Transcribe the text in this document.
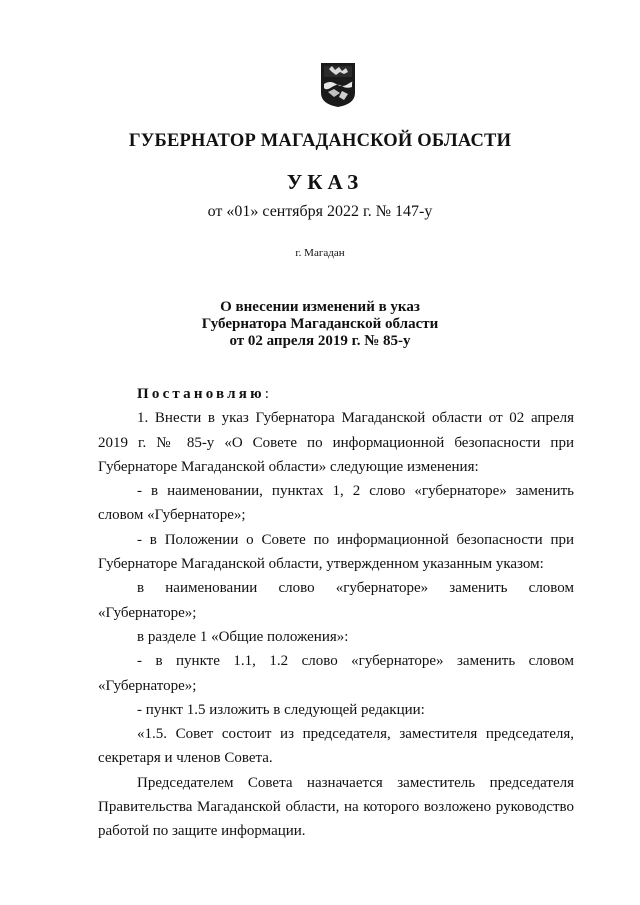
ГУБЕРНАТОР МАГАДАНСКОЙ ОБЛАСТИ
УКАЗ
от «01» сентября 2022 г. № 147-у
г. Магадан
О внесении изменений в указ
Губернатора Магаданской области
от 02 апреля 2019 г. № 85-у

Постановляю:

1. Внести в указ Губернатора Магаданской области от 02 апреля 2019 г. № 85-у «О Совете по информационной безопасности при Губернаторе Магаданской области» следующие изменения:

- в наименовании, пунктах 1, 2 слово «губернаторе» заменить словом «Губернаторе»;

- в Положении о Совете по информационной безопасности при Губернаторе Магаданской области, утвержденном указанным указом:

в наименовании слово «губернаторе» заменить словом

«Губернаторе»;

в разделе 1 «Общие положения»:

- в пункте 1.1, 1.2 слово «губернаторе» заменить словом

«Губернаторе»;

- пункт 1.5 изложить в следующей редакции:

«1.5. Совет состоит из председателя, заместителя председателя, секретаря и членов Совета.

Председателем Совета назначается заместитель председателя Правительства Магаданской области, на которого возложено руководство работой по защите информации.
